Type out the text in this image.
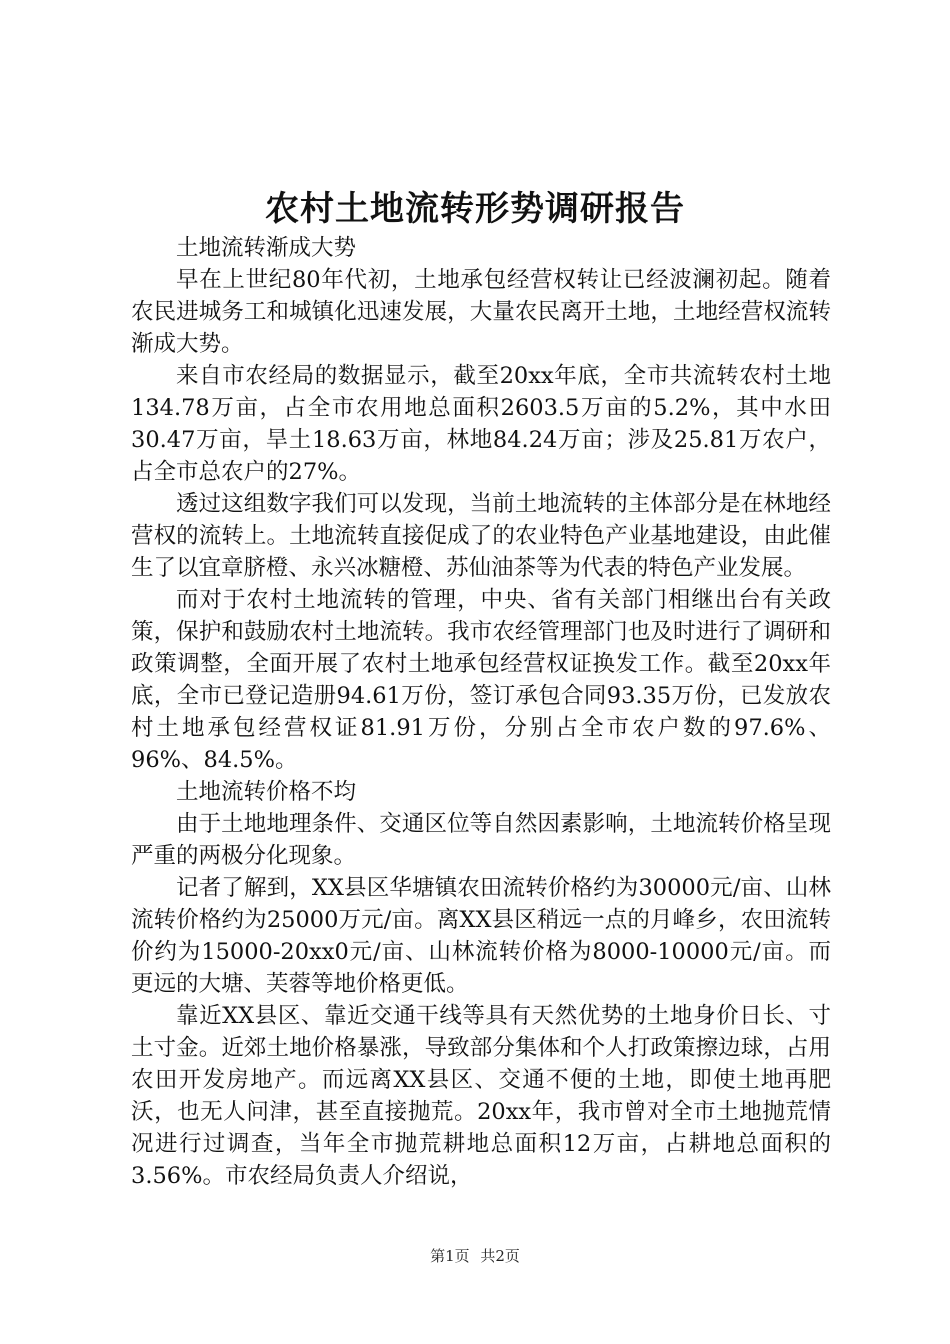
农村土地流转形势调研报告

土地流转渐成大势

早在上世纪80年代初，土地承包经营权转让已经波澜初起。随着农民进城务工和城镇化迅速发展，大量农民离开土地，土地经营权流转渐成大势。

来自市农经局的数据显示，截至20xx年底，全市共流转农村土地134.78万亩，占全市农用地总面积2603.5万亩的5.2%，其中水田30.47万亩，旱土18.63万亩，林地84.24万亩；涉及25.81万农户，占全市总农户的27%。

透过这组数字我们可以发现，当前土地流转的主体部分是在林地经营权的流转上。土地流转直接促成了的农业特色产业基地建设，由此催生了以宜章脐橙、永兴冰糖橙、苏仙油茶等为代表的特色产业发展。

而对于农村土地流转的管理，中央、省有关部门相继出台有关政策，保护和鼓励农村土地流转。我市农经管理部门也及时进行了调研和政策调整，全面开展了农村土地承包经营权证换发工作。截至20xx年底，全市已登记造册94.61万份，签订承包合同93.35万份，已发放农村土地承包经营权证81.91万份，分别占全市农户数的97.6%、96%、84.5%。

土地流转价格不均

由于土地地理条件、交通区位等自然因素影响，土地流转价格呈现严重的两极分化现象。

记者了解到，XX县区华塘镇农田流转价格约为30000元/亩、山林流转价格约为25000万元/亩。离XX县区稍远一点的月峰乡，农田流转价约为15000-20xx0元/亩、山林流转价格为8000-10000元/亩。而更远的大塘、芙蓉等地价格更低。

靠近XX县区、靠近交通干线等具有天然优势的土地身价日长、寸土寸金。近郊土地价格暴涨，导致部分集体和个人打政策擦边球，占用农田开发房地产。而远离XX县区、交通不便的土地，即使土地再肥沃，也无人问津，甚至直接抛荒。20xx年，我市曾对全市土地抛荒情况进行过调查，当年全市抛荒耕地总面积12万亩，占耕地总面积的3.56%。市农经局负责人介绍说，

第1页 共2页
